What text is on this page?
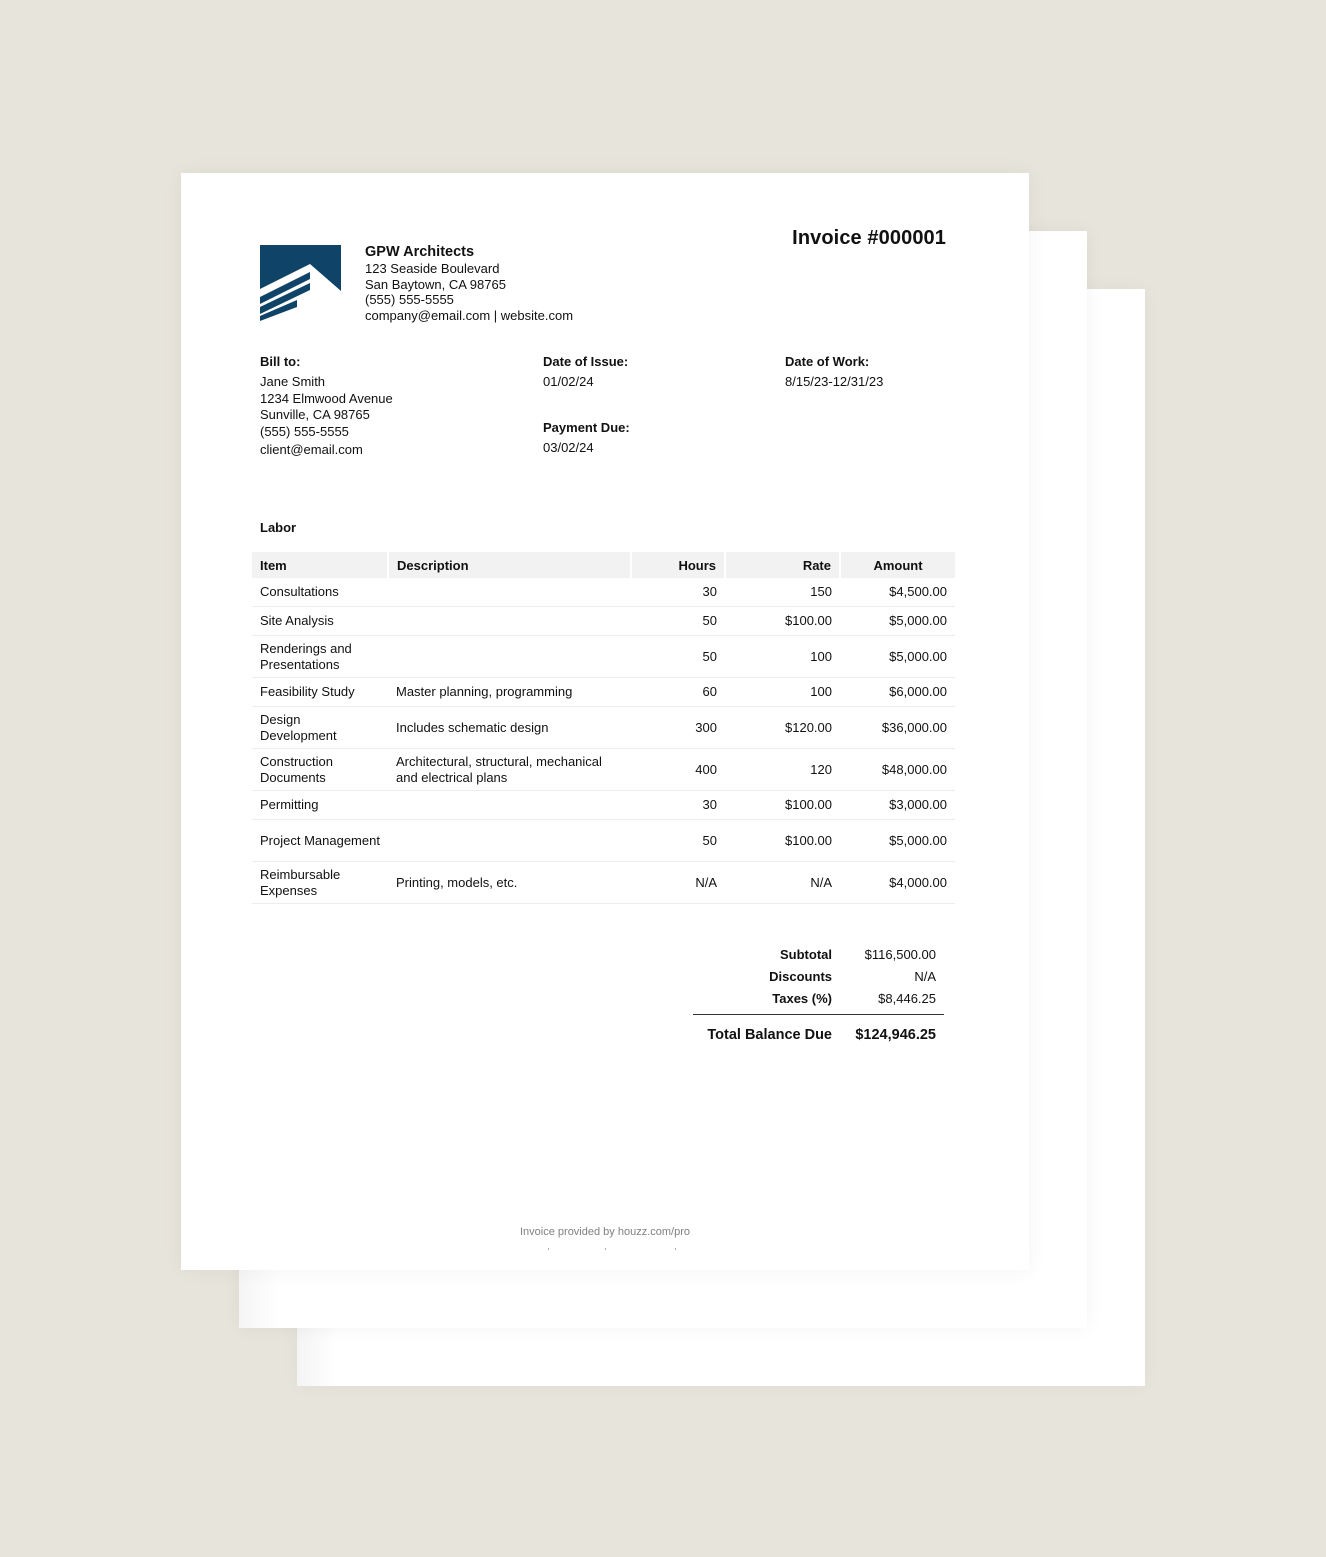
GPW Architects
123 Seaside Boulevard
San Baytown, CA 98765
(555) 555-5555
company@email.com | website.com
Invoice #000001
Bill to:
Jane Smith
1234 Elmwood Avenue
Sunville, CA 98765
(555) 555-5555
client@email.com
Date of Issue:
01/02/24
Payment Due:
03/02/24
Date of Work:
8/15/23-12/31/23
Labor
Item	Description	Hours	Rate	Amount
Consultations		30	150	$4,500.00
Site Analysis		50	$100.00	$5,000.00
Renderings and Presentations		50	100	$5,000.00
Feasibility Study	Master planning, programming	60	100	$6,000.00
Design Development	Includes schematic design	300	$120.00	$36,000.00
Construction Documents	Architectural, structural, mechanical and electrical plans	400	120	$48,000.00
Permitting		30	$100.00	$3,000.00
Project Management		50	$100.00	$5,000.00
Reimbursable Expenses	Printing, models, etc.	N/A	N/A	$4,000.00
Subtotal	$116,500.00
Discounts	N/A
Taxes (%)	$8,446.25
Total Balance Due	$124,946.25
Invoice provided by houzz.com/pro
